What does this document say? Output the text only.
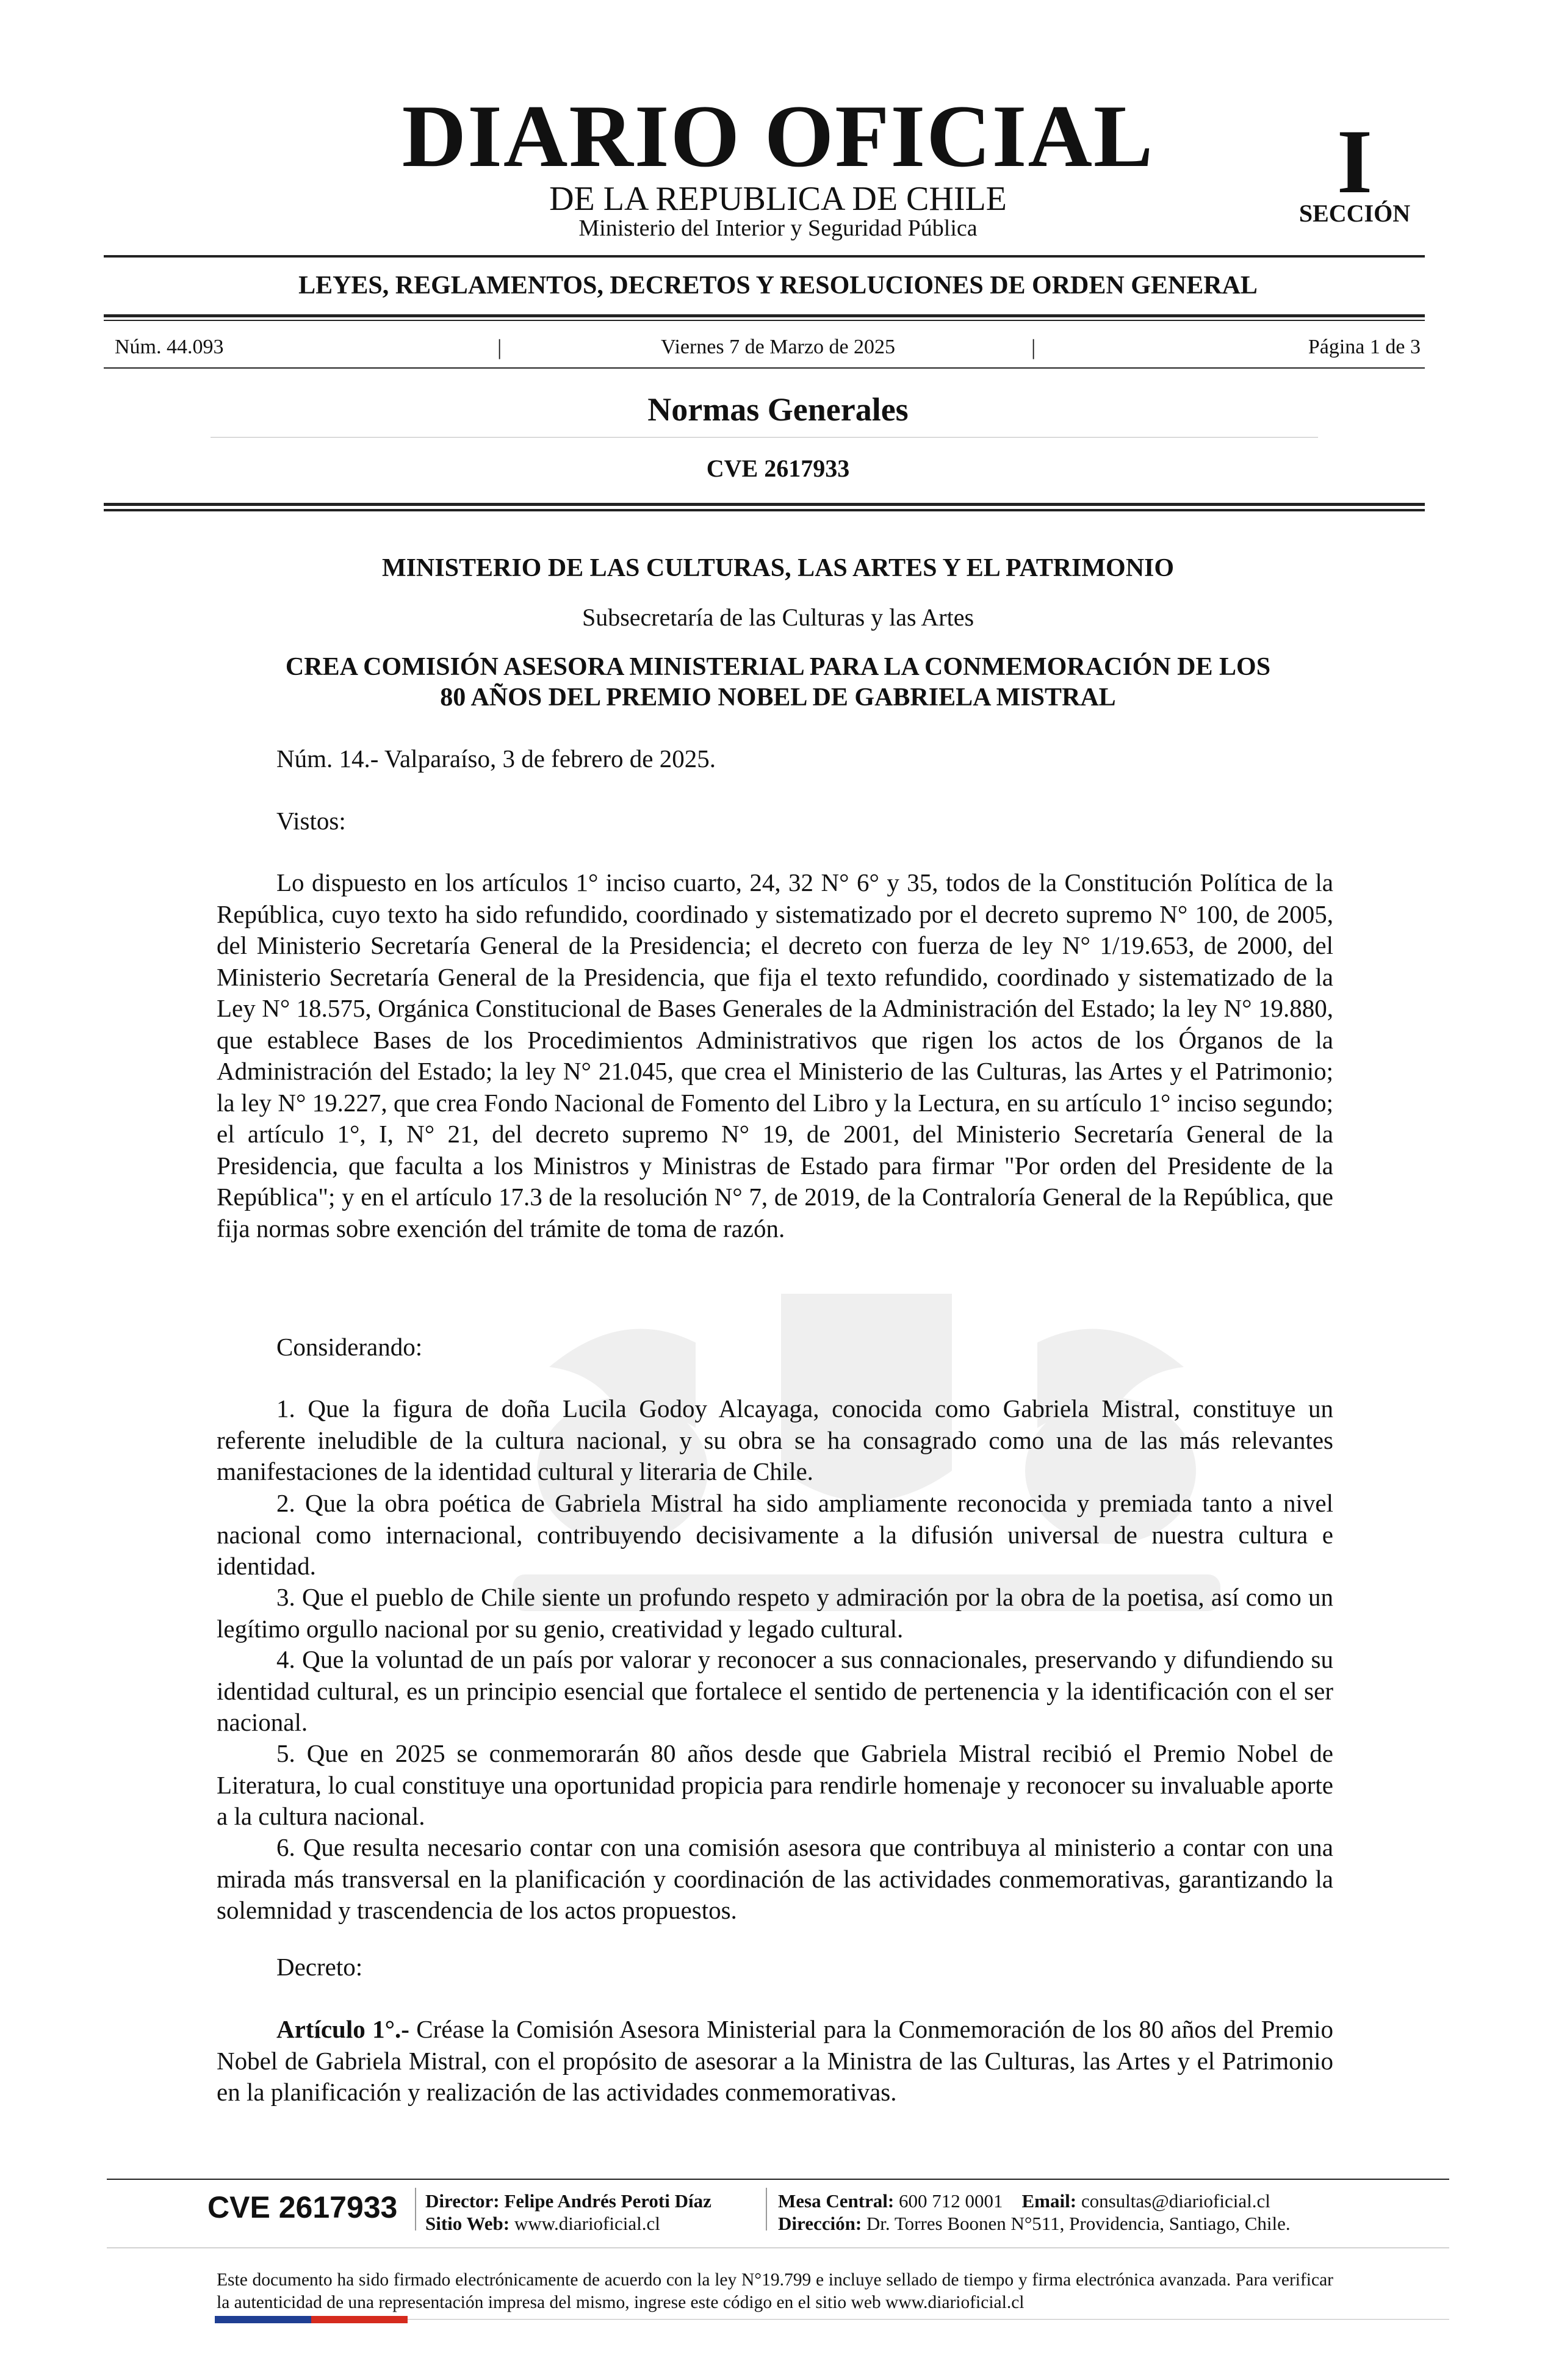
DIARIO OFICIAL
DE LA REPUBLICA DE CHILE
Ministerio del Interior y Seguridad Pública
I
SECCIÓN
LEYES, REGLAMENTOS, DECRETOS Y RESOLUCIONES DE ORDEN GENERAL
Núm. 44.093	|	Viernes 7 de Marzo de 2025	|	Página 1 de 3
Normas Generales
CVE 2617933
MINISTERIO DE LAS CULTURAS, LAS ARTES Y EL PATRIMONIO
Subsecretaría de las Culturas y las Artes
CREA COMISIÓN ASESORA MINISTERIAL PARA LA CONMEMORACIÓN DE LOS
80 AÑOS DEL PREMIO NOBEL DE GABRIELA MISTRAL
Núm. 14.- Valparaíso, 3 de febrero de 2025.
Vistos:
Lo dispuesto en los artículos 1° inciso cuarto, 24, 32 N° 6° y 35, todos de la Constitución Política de la República, cuyo texto ha sido refundido, coordinado y sistematizado por el decreto supremo N° 100, de 2005, del Ministerio Secretaría General de la Presidencia; el decreto con fuerza de ley N° 1/19.653, de 2000, del Ministerio Secretaría General de la Presidencia, que fija el texto refundido, coordinado y sistematizado de la Ley N° 18.575, Orgánica Constitucional de Bases Generales de la Administración del Estado; la ley N° 19.880, que establece Bases de los Procedimientos Administrativos que rigen los actos de los Órganos de la Administración del Estado; la ley N° 21.045, que crea el Ministerio de las Culturas, las Artes y el Patrimonio; la ley N° 19.227, que crea Fondo Nacional de Fomento del Libro y la Lectura, en su artículo 1° inciso segundo; el artículo 1°, I, N° 21, del decreto supremo N° 19, de 2001, del Ministerio Secretaría General de la Presidencia, que faculta a los Ministros y Ministras de Estado para firmar "Por orden del Presidente de la República"; y en el artículo 17.3 de la resolución N° 7, de 2019, de la Contraloría General de la República, que fija normas sobre exención del trámite de toma de razón.
Considerando:
1. Que la figura de doña Lucila Godoy Alcayaga, conocida como Gabriela Mistral, constituye un referente ineludible de la cultura nacional, y su obra se ha consagrado como una de las más relevantes manifestaciones de la identidad cultural y literaria de Chile.
2. Que la obra poética de Gabriela Mistral ha sido ampliamente reconocida y premiada tanto a nivel nacional como internacional, contribuyendo decisivamente a la difusión universal de nuestra cultura e identidad.
3. Que el pueblo de Chile siente un profundo respeto y admiración por la obra de la poetisa, así como un legítimo orgullo nacional por su genio, creatividad y legado cultural.
4. Que la voluntad de un país por valorar y reconocer a sus connacionales, preservando y difundiendo su identidad cultural, es un principio esencial que fortalece el sentido de pertenencia y la identificación con el ser nacional.
5. Que en 2025 se conmemorarán 80 años desde que Gabriela Mistral recibió el Premio Nobel de Literatura, lo cual constituye una oportunidad propicia para rendirle homenaje y reconocer su invaluable aporte a la cultura nacional.
6. Que resulta necesario contar con una comisión asesora que contribuya al ministerio a contar con una mirada más transversal en la planificación y coordinación de las actividades conmemorativas, garantizando la solemnidad y trascendencia de los actos propuestos.
Decreto:
Artículo 1°.- Créase la Comisión Asesora Ministerial para la Conmemoración de los 80 años del Premio Nobel de Gabriela Mistral, con el propósito de asesorar a la Ministra de las Culturas, las Artes y el Patrimonio en la planificación y realización de las actividades conmemorativas.
CVE 2617933 Director: Felipe Andrés Peroti Díaz
Sitio Web: www.diarioficial.cl
Mesa Central: 600 712 0001 Email: consultas@diarioficial.cl
Dirección: Dr. Torres Boonen N°511, Providencia, Santiago, Chile.
Este documento ha sido firmado electrónicamente de acuerdo con la ley N°19.799 e incluye sellado de tiempo y firma electrónica avanzada. Para verificar la autenticidad de una representación impresa del mismo, ingrese este código en el sitio web www.diarioficial.cl
